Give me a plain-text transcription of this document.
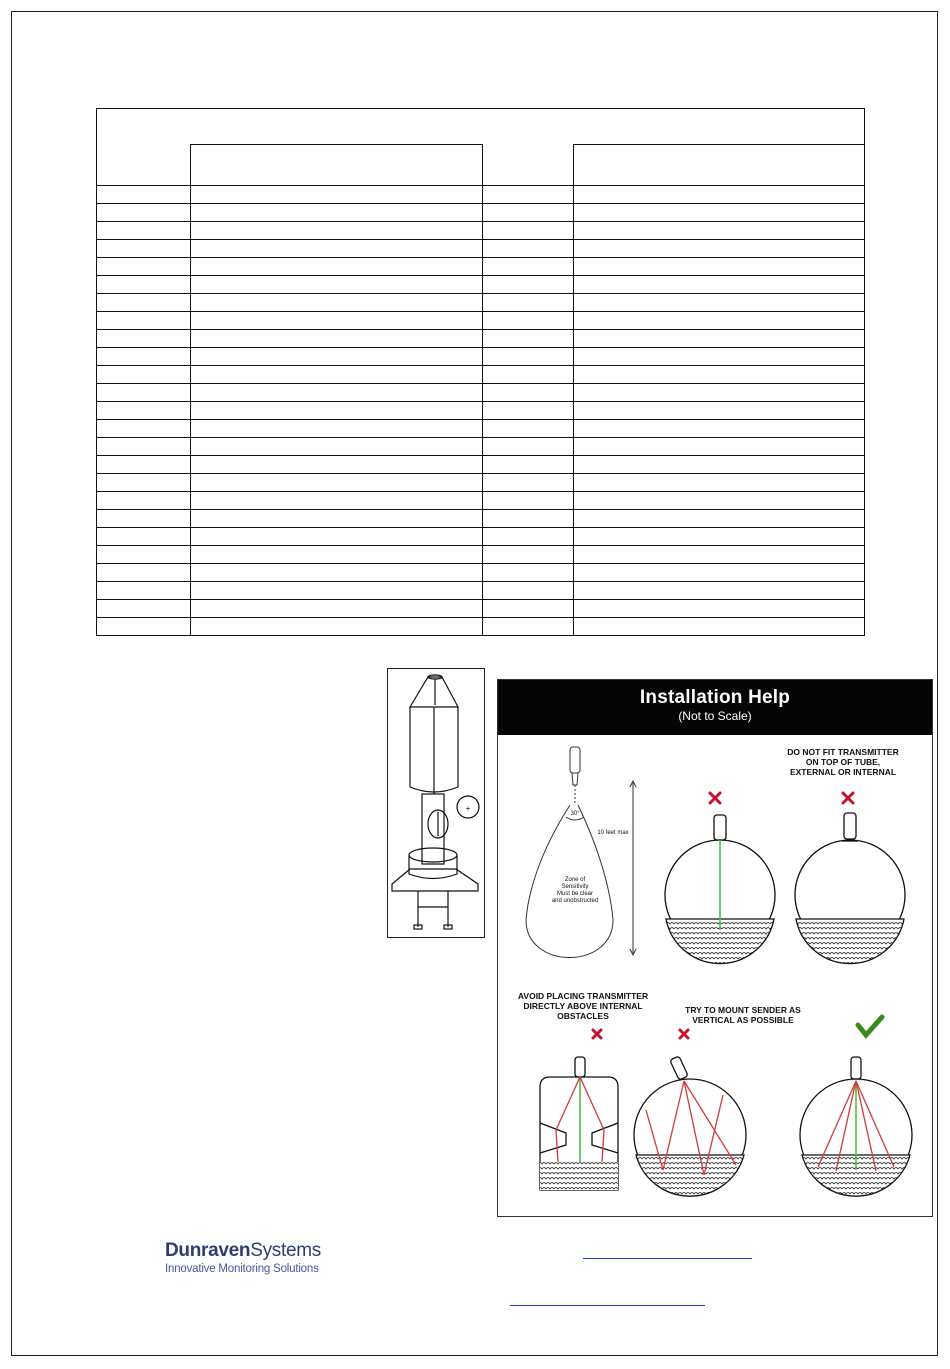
+
Installation Help
(Not to Scale)
30°
10 feet max
Zone of
Sensitivity
Must be clear
and unobstructed
DO NOT FIT TRANSMITTER
ON TOP OF TUBE,
EXTERNAL OR INTERNAL
AVOID PLACING TRANSMITTER
DIRECTLY ABOVE INTERNAL
OBSTACLES
TRY TO MOUNT SENDER AS
VERTICAL AS POSSIBLE
DunravenSystems
Innovative Monitoring Solutions
